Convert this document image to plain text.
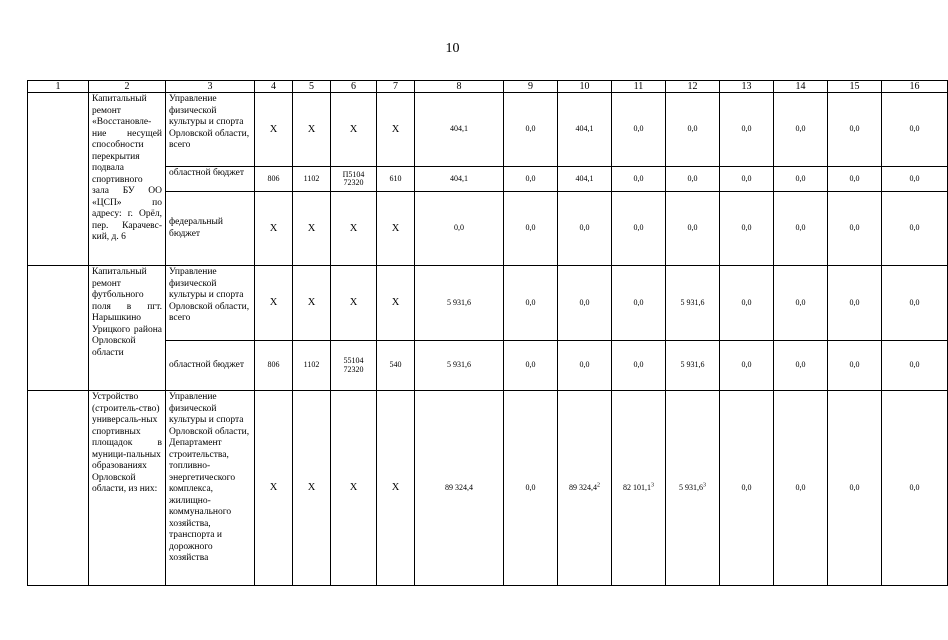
10
1	2	3	4	5	6	7	8	9	10	11	12	13	14	15	16
	Капитальный ремонт «Восстановле-ние несущей способности перекрытия подвала спортивного зала БУ ОО «ЦСП» по адресу: г. Орёл, пер. Карачевс-кий, д. 6	Управление физической культуры и спорта Орловской области, всего	X	X	X	X	404,1	0,0	404,1	0,0	0,0	0,0	0,0	0,0	0,0
		областной бюджет	806	1102	П5104 72320	610	404,1	0,0	404,1	0,0	0,0	0,0	0,0	0,0	0,0
		федеральный бюджет	X	X	X	X	0,0	0,0	0,0	0,0	0,0	0,0	0,0	0,0	0,0
	Капитальный ремонт футбольного поля в пгт. Нарышкино Урицкого района Орловской области	Управление физической культуры и спорта Орловской области, всего	X	X	X	X	5 931,6	0,0	0,0	0,0	5 931,6	0,0	0,0	0,0	0,0
		областной бюджет	806	1102	55104 72320	540	5 931,6	0,0	0,0	0,0	5 931,6	0,0	0,0	0,0	0,0
	Устройство (строитель-ство) универсаль-ных спортивных площадок в муници-пальных образованиях Орловской области, из них:	Управление физической культуры и спорта Орловской области, Департамент строительства, топливно-энергетического комплекса, жилищно-коммунального хозяйства, транспорта и дорожного хозяйства	X	X	X	X	89 324,4	0,0	89 324,4$^2$	82 101,1$^3$	5 931,6$^3$	0,0	0,0	0,0	0,0
